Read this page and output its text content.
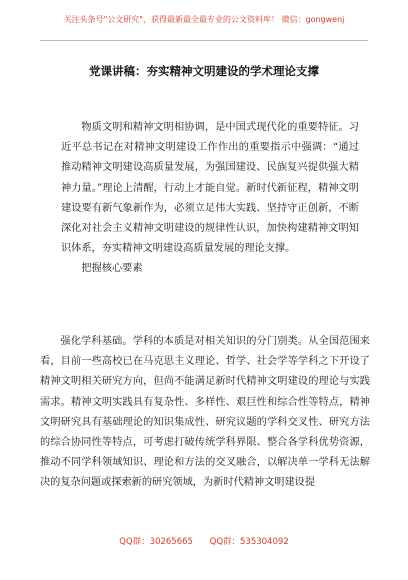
关注头条号"公文研究"，获得最新最全最专业的公文资料库！ 微信：gongwenj
党课讲稿：夯实精神文明建设的学术理论支撑

物质文明和精神文明相协调，是中国式现代化的重要特征。习近平总书记在对精神文明建设工作作出的重要指示中强调：“通过推动精神文明建设高质量发展，为强国建设、民族复兴提供强大精神力量。”理论上清醒，行动上才能自觉。新时代新征程，精神文明建设要有新气象新作为，必须立足伟大实践、坚持守正创新，不断深化对社会主义精神文明建设的规律性认识，加快构建精神文明知识体系，夯实精神文明建设高质量发展的理论支撑。

把握核心要素

强化学科基础。学科的本质是对相关知识的分门别类。从全国范围来看，目前一些高校已在马克思主义理论、哲学、社会学等学科之下开设了精神文明相关研究方向，但尚不能满足新时代精神文明建设的理论与实践需求。精神文明实践具有复杂性、多样性、艰巨性和综合性等特点，精神文明研究具有基础理论的知识集成性、研究议题的学科交叉性、研究方法的综合协同性等特点，可考虑打破传统学科界限、整合各学科优势资源，推动不同学科领域知识、理论和方法的交叉融合，以解决单一学科无法解决的复杂问题或探索新的研究领域，为新时代精神文明建设提

QQ群：30265665 QQ群：535304092
